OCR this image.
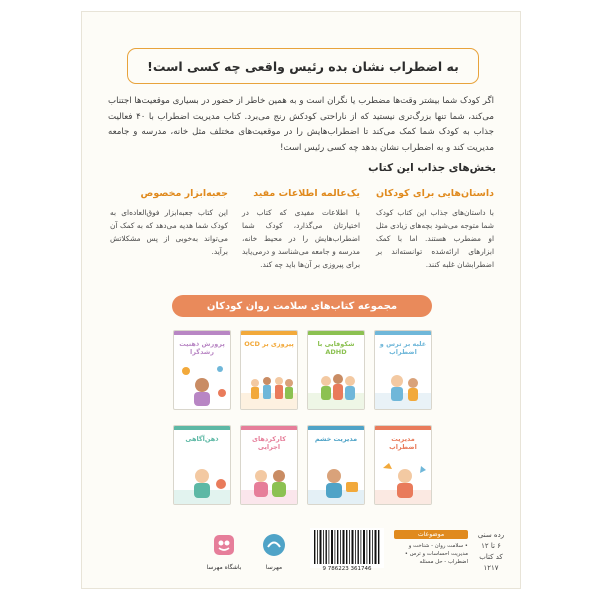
به اضطراب نشان بده رئیس واقعی چه کسی است!
اگر کودک شما بیشتر وقت‌ها مضطرب یا نگران است و به همین خاطر از حضور در بسیاری موقعیت‌ها اجتناب می‌کند، شما تنها بزرگ‌تری نیستید که از ناراحتی کودکش رنج می‌برد. کتاب مدیریت اضطراب با ۴۰ فعالیت جذاب به کودک شما کمک می‌کند تا اضطراب‌هایش را در موقعیت‌های مختلف مثل خانه، مدرسه و جامعه مدیریت کند و به اضطراب نشان بدهد چه کسی رئیس است!
بخش‌های جذاب این کتاب
داستان‌هایی برای کودکان

با داستان‌های جذاب این کتاب کودک شما متوجه می‌شود بچه‌های زیادی مثل او مضطرب هستند. اما با کمک ابزارهای ارائه‌شده توانسته‌اند بر اضطرابشان غلبه کنند.

یک‌عالمه اطلاعات مفید

با اطلاعات مفیدی که کتاب در اختیارتان می‌گذارد، کودک شما اضطراب‌هایش را در محیط خانه، مدرسه و جامعه می‌شناسد و درمی‌یابد برای پیروزی بر آن‌ها باید چه کند.

جعبه‌ابزار مخصوص

این کتاب جعبه‌ابزار فوق‌العاده‌ای به کودک شما هدیه می‌دهد که به کمک آن می‌تواند به‌خوبی از پس مشکلاتش برآید.

مجموعه کتاب‌های سلامت روان کودکان
غلبه بر ترس و اضطراب
شکوفایی با ADHD
پیروزی بر OCD
پرورش ذهنیت رشدگرا
مدیریت اضطراب
مدیریت خشم
کارکردهای اجرایی
ذهن‌آگاهی
رده سنی
۶ تا ۱۲
کد کتاب
۱۲۱۷
موضوعات
• سلامت روان - شناخت و مدیریت احساسات و ترس • اضطراب - حل مسئله
9 786223 361746
مهرسا
باشگاه مهرسا
